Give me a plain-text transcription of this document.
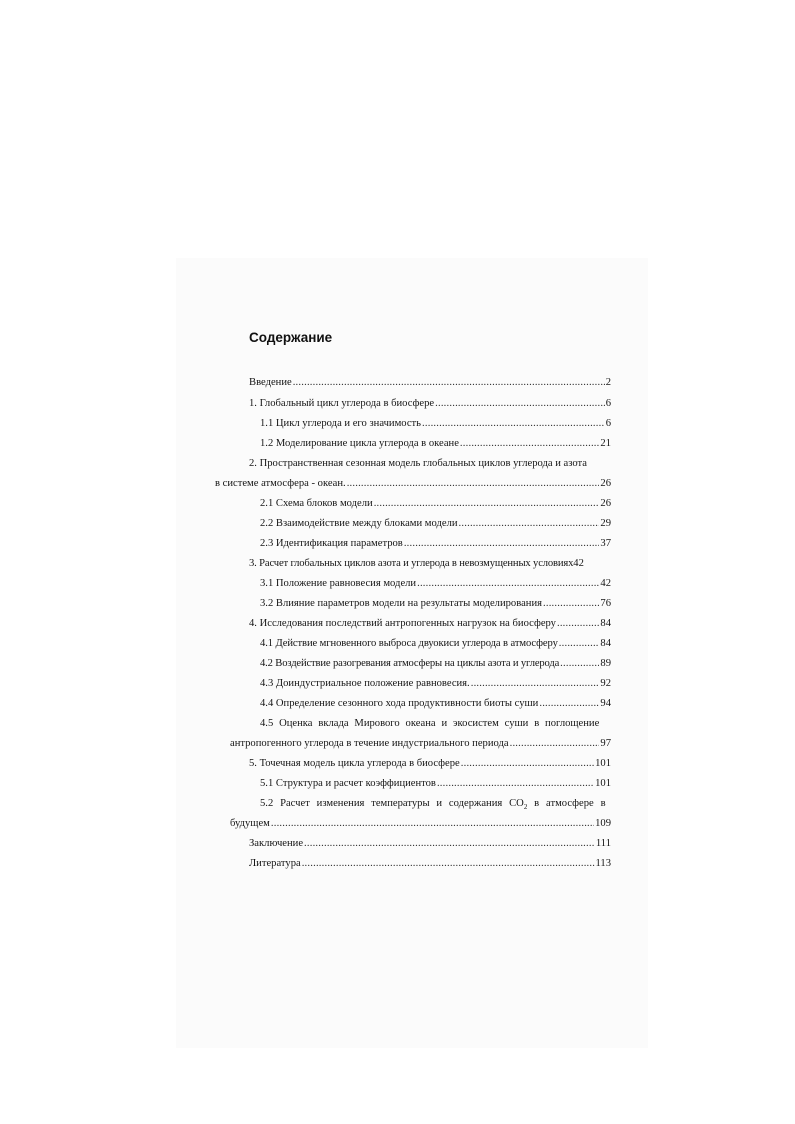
Содержание
Введение .....	2
1. Глобальный цикл углерода в биосфере .....	6
1.1 Цикл углерода и его значимость .....	6
1.2 Моделирование цикла углерода в океане .....	21
2. Пространственная сезонная модель глобальных циклов углерода и азота
в системе атмосфера - океан. .....	26
2.1 Схема блоков модели .....	26
2.2 Взаимодействие между блоками модели .....	29
2.3 Идентификация параметров .....	37
3. Расчет глобальных циклов азота и углерода в невозмущенных условиях 42
3.1 Положение равновесия модели .....	42
3.2 Влияние параметров модели на результаты моделирования .....	76
4. Исследования последствий антропогенных нагрузок на биосферу .....	84
4.1 Действие мгновенного выброса двуокиси углерода в атмосферу .....	84
4.2 Воздействие разогревания атмосферы на циклы азота и углерода .....	89
4.3 Доиндустриальное положение равновесия. .....	92
4.4 Определение сезонного хода продуктивности биоты суши .....	94
4.5 Оценка вклада Мирового океана и экосистем суши в поглощение
антропогенного углерода в течение индустриального периода .....	97
5. Точечная модель цикла углерода в биосфере .....	101
5.1 Структура и расчет коэффициентов .....	101
5.2 Расчет изменения температуры и содержания $CO_2$ в атмосфере в
будущем .....	109
Заключение .....	111
Литература .....	113
